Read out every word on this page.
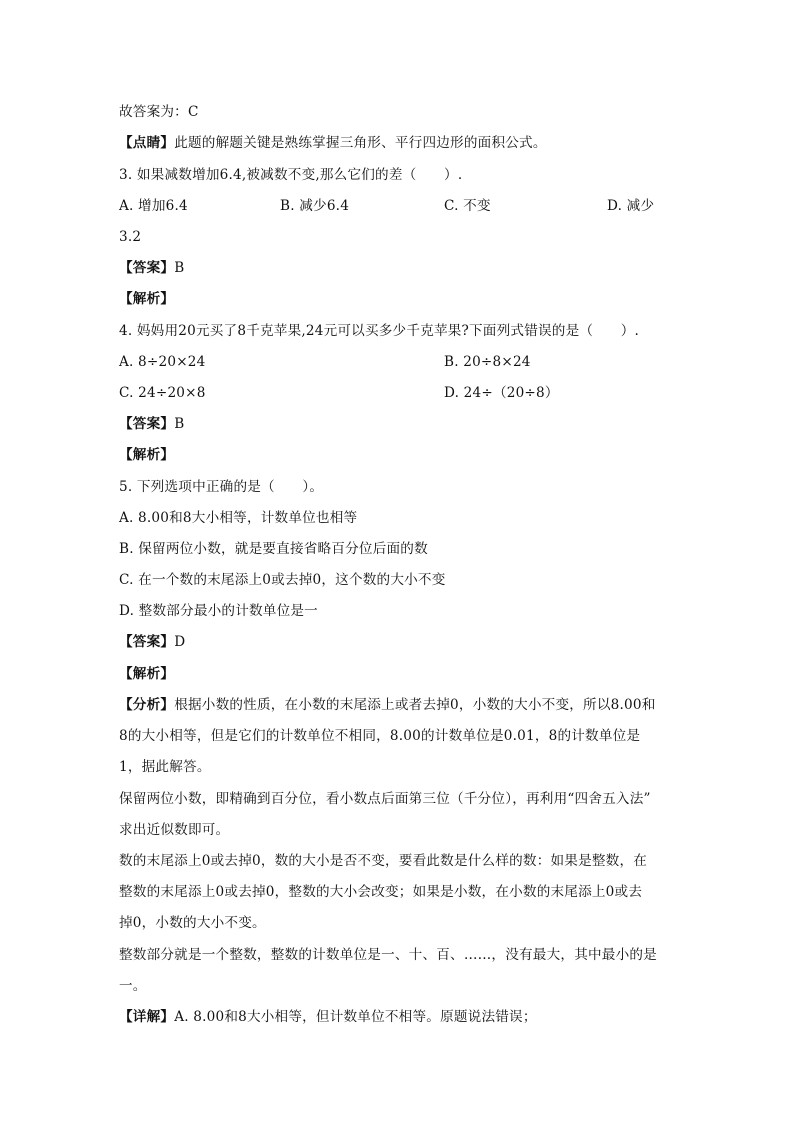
故答案为：C
【点睛】此题的解题关键是熟练掌握三角形、平行四边形的面积公式。
3. 如果减数增加6.4,被减数不变,那么它们的差（　　）.
A. 增加6.4	B. 减少6.4	C. 不变	D. 减少
3.2
【答案】B
【解析】
4. 妈妈用20元买了8千克苹果,24元可以买多少千克苹果?下面列式错误的是（　　）.
A. 8÷20×24	B. 20÷8×24
C. 24÷20×8	D. 24÷（20÷8）
【答案】B
【解析】
5. 下列选项中正确的是（　　）。
A. 8.00和8大小相等，计数单位也相等
B. 保留两位小数，就是要直接省略百分位后面的数
C. 在一个数的末尾添上0或去掉0，这个数的大小不变
D. 整数部分最小的计数单位是一
【答案】D
【解析】
【分析】根据小数的性质，在小数的末尾添上或者去掉0，小数的大小不变，所以8.00和
8的大小相等，但是它们的计数单位不相同，8.00的计数单位是0.01，8的计数单位是
1，据此解答。
保留两位小数，即精确到百分位，看小数点后面第三位（千分位），再利用“四舍五入法”
求出近似数即可。
数的末尾添上0或去掉0，数的大小是否不变，要看此数是什么样的数：如果是整数，在
整数的末尾添上0或去掉0，整数的大小会改变；如果是小数，在小数的末尾添上0或去
掉0，小数的大小不变。
整数部分就是一个整数，整数的计数单位是一、十、百、……，没有最大，其中最小的是
一。
【详解】A. 8.00和8大小相等，但计数单位不相等。原题说法错误；
